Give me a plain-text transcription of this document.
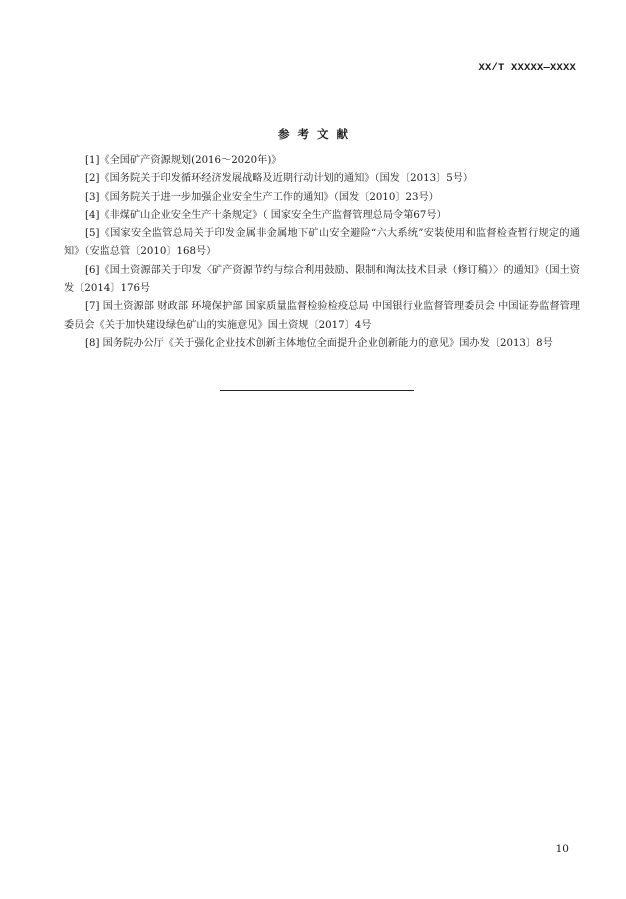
XX/T XXXXX—XXXX
参考文献

[1]《全国矿产资源规划(2016～2020年)》

[2]《国务院关于印发循环经济发展战略及近期行动计划的通知》（国发〔2013〕5号）

[3]《国务院关于进一步加强企业安全生产工作的通知》（国发〔2010〕23号）

[4]《非煤矿山企业安全生产十条规定》（ 国家安全生产监督管理总局令第67号）

[5]《国家安全监管总局关于印发金属非金属地下矿山安全避险“六大系统”安装使用和监督检查暂行规定的通知》（安监总管〔2010〕168号）

[6]《国土资源部关于印发〈矿产资源节约与综合利用鼓励、限制和淘汰技术目录（修订稿）〉的通知》（国土资发〔2014〕176号

[7] 国土资源部 财政部 环境保护部 国家质量监督检验检疫总局 中国银行业监督管理委员会 中国证券监督管理委员会《关于加快建设绿色矿山的实施意见》国土资规〔2017〕4号

[8] 国务院办公厅《关于强化企业技术创新主体地位全面提升企业创新能力的意见》国办发〔2013〕8号

10
